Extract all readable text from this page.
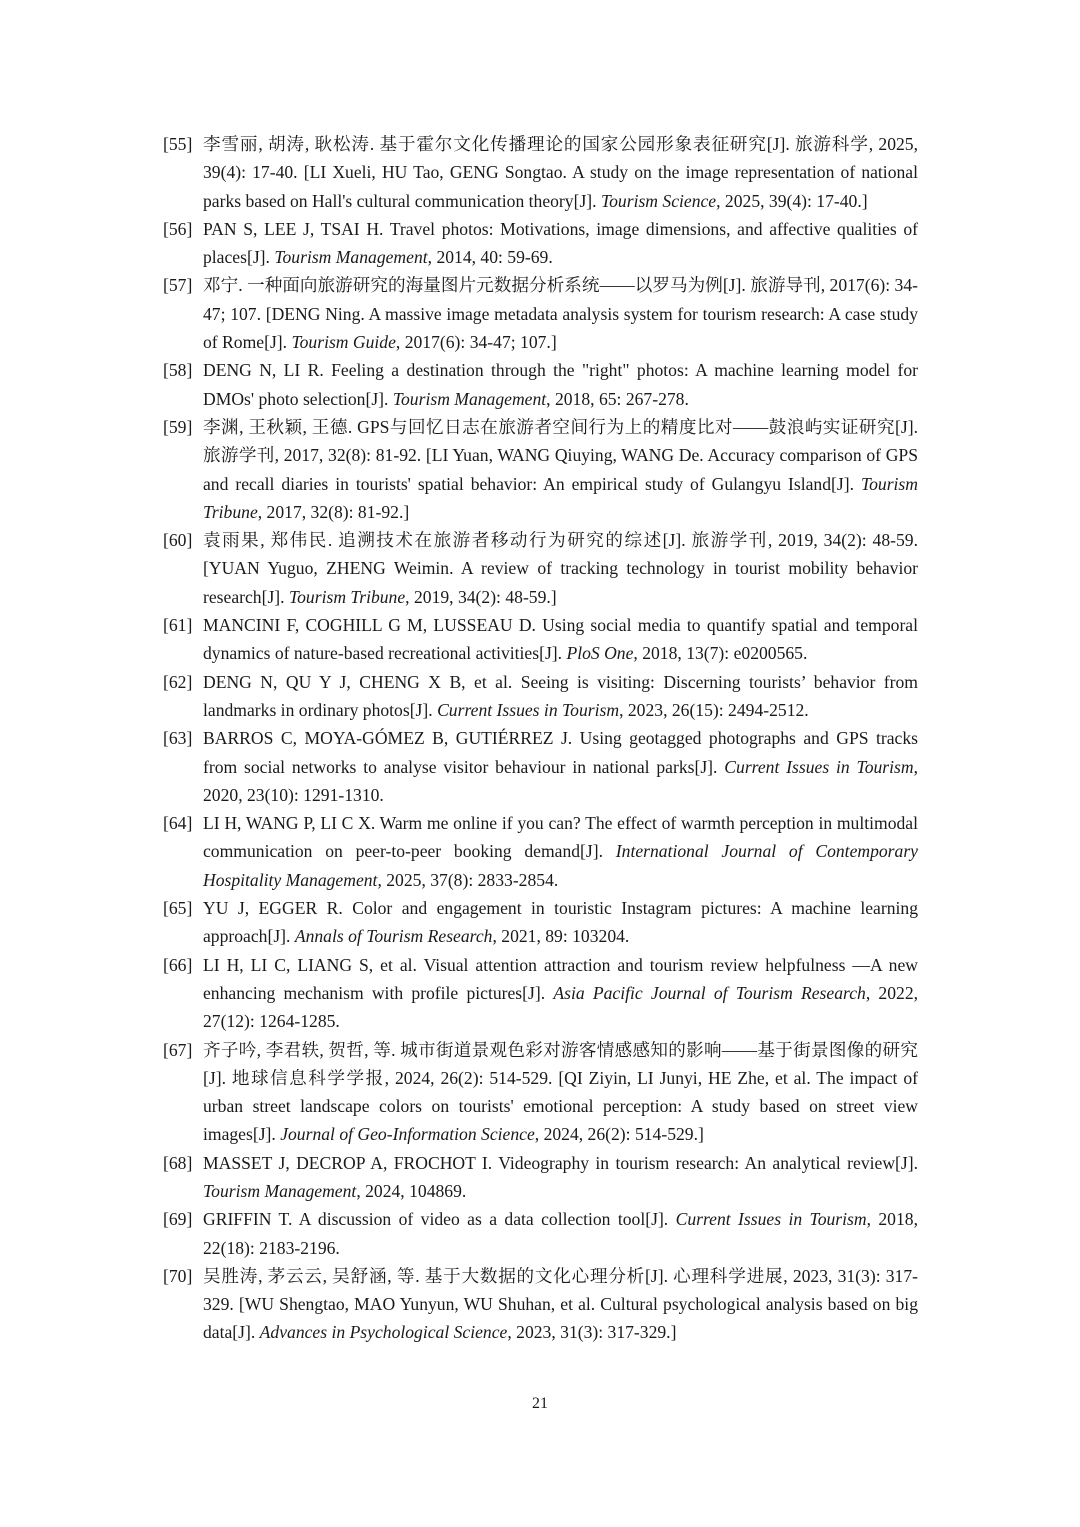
[55] 李雪丽, 胡涛, 耿松涛. 基于霍尔文化传播理论的国家公园形象表征研究[J]. 旅游科学, 2025, 39(4): 17-40. [LI Xueli, HU Tao, GENG Songtao. A study on the image representation of national parks based on Hall's cultural communication theory[J]. Tourism Science, 2025, 39(4): 17-40.]
[56] PAN S, LEE J, TSAI H. Travel photos: Motivations, image dimensions, and affective qualities of places[J]. Tourism Management, 2014, 40: 59-69.
[57] 邓宁. 一种面向旅游研究的海量图片元数据分析系统——以罗马为例[J]. 旅游导刊, 2017(6): 34-47; 107. [DENG Ning. A massive image metadata analysis system for tourism research: A case study of Rome[J]. Tourism Guide, 2017(6): 34-47; 107.]
[58] DENG N, LI R. Feeling a destination through the "right" photos: A machine learning model for DMOs' photo selection[J]. Tourism Management, 2018, 65: 267-278.
[59] 李渊, 王秋颖, 王德. GPS与回忆日志在旅游者空间行为上的精度比对——鼓浪屿实证研究[J]. 旅游学刊, 2017, 32(8): 81-92. [LI Yuan, WANG Qiuying, WANG De. Accuracy comparison of GPS and recall diaries in tourists' spatial behavior: An empirical study of Gulangyu Island[J]. Tourism Tribune, 2017, 32(8): 81-92.]
[60] 袁雨果, 郑伟民. 追溯技术在旅游者移动行为研究的综述[J]. 旅游学刊, 2019, 34(2): 48-59. [YUAN Yuguo, ZHENG Weimin. A review of tracking technology in tourist mobility behavior research[J]. Tourism Tribune, 2019, 34(2): 48-59.]
[61] MANCINI F, COGHILL G M, LUSSEAU D. Using social media to quantify spatial and temporal dynamics of nature-based recreational activities[J]. PloS One, 2018, 13(7): e0200565.
[62] DENG N, QU Y J, CHENG X B, et al. Seeing is visiting: Discerning tourists’ behavior from landmarks in ordinary photos[J]. Current Issues in Tourism, 2023, 26(15): 2494-2512.
[63] BARROS C, MOYA-GÓMEZ B, GUTIÉRREZ J. Using geotagged photographs and GPS tracks from social networks to analyse visitor behaviour in national parks[J]. Current Issues in Tourism, 2020, 23(10): 1291-1310.
[64] LI H, WANG P, LI C X. Warm me online if you can? The effect of warmth perception in multimodal communication on peer-to-peer booking demand[J]. International Journal of Contemporary Hospitality Management, 2025, 37(8): 2833-2854.
[65] YU J, EGGER R. Color and engagement in touristic Instagram pictures: A machine learning approach[J]. Annals of Tourism Research, 2021, 89: 103204.
[66] LI H, LI C, LIANG S, et al. Visual attention attraction and tourism review helpfulness —A new enhancing mechanism with profile pictures[J]. Asia Pacific Journal of Tourism Research, 2022, 27(12): 1264-1285.
[67] 齐子吟, 李君轶, 贺哲, 等. 城市街道景观色彩对游客情感感知的影响——基于街景图像的研究[J]. 地球信息科学学报, 2024, 26(2): 514-529. [QI Ziyin, LI Junyi, HE Zhe, et al. The impact of urban street landscape colors on tourists' emotional perception: A study based on street view images[J]. Journal of Geo-Information Science, 2024, 26(2): 514-529.]
[68] MASSET J, DECROP A, FROCHOT I. Videography in tourism research: An analytical review[J]. Tourism Management, 2024, 104869.
[69] GRIFFIN T. A discussion of video as a data collection tool[J]. Current Issues in Tourism, 2018, 22(18): 2183-2196.
[70] 吴胜涛, 茅云云, 吴舒涵, 等. 基于大数据的文化心理分析[J]. 心理科学进展, 2023, 31(3): 317-329. [WU Shengtao, MAO Yunyun, WU Shuhan, et al. Cultural psychological analysis based on big data[J]. Advances in Psychological Science, 2023, 31(3): 317-329.]
21
